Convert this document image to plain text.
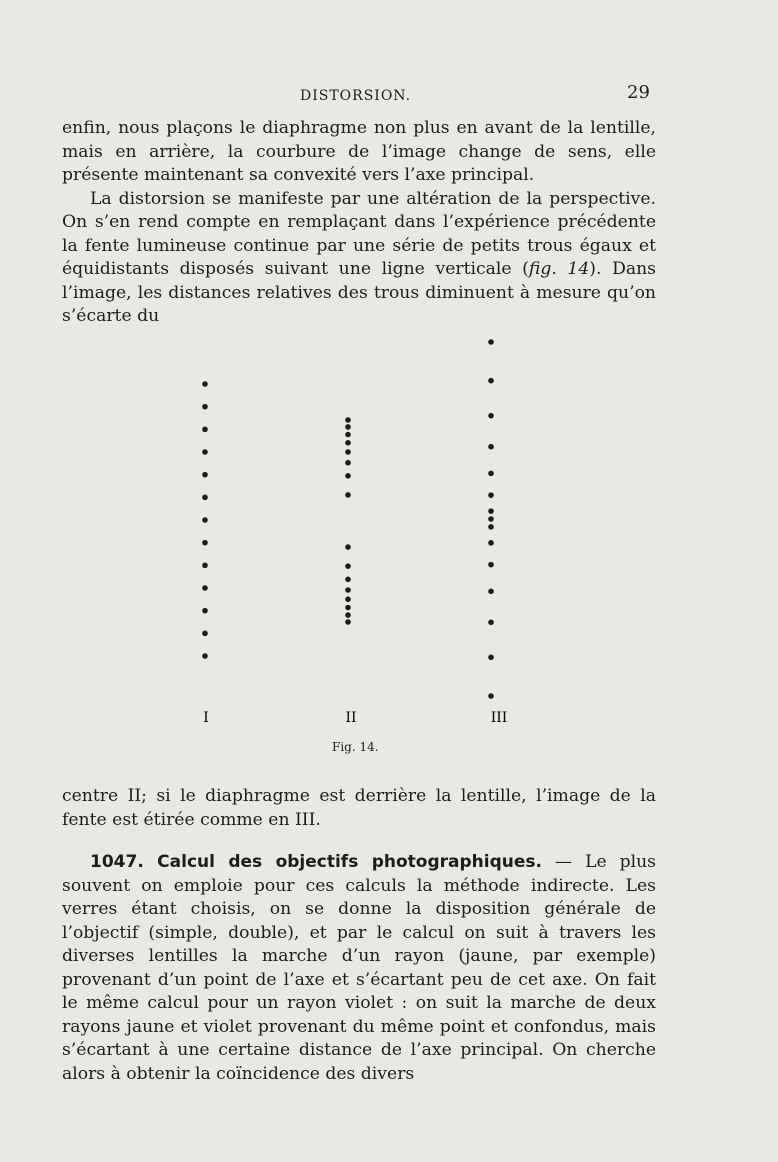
DISTORSION.	29

enfin, nous plaçons le diaphragme non plus en avant de la lentille, mais en arrière, la courbure de l’image change de sens, elle présente maintenant sa convexité vers l’axe principal.

La distorsion se manifeste par une altération de la perspective. On s’en rend compte en remplaçant dans l’expérience précédente la fente lumineuse continue par une série de petits trous égaux et équidistants disposés suivant une ligne verticale (fig. 14). Dans l’image, les distances relatives des trous diminuent à mesure qu’on s’écarte du

I	II	III
Fig. 14.

centre II; si le diaphragme est derrière la lentille, l’image de la fente est étirée comme en III.

1047. Calcul des objectifs photographiques. — Le plus souvent on emploie pour ces calculs la méthode indirecte. Les verres étant choisis, on se donne la disposition générale de l’objectif (simple, double), et par le calcul on suit à travers les diverses lentilles la marche d’un rayon (jaune, par exemple) provenant d’un point de l’axe et s’écartant peu de cet axe. On fait le même calcul pour un rayon violet : on suit la marche de deux rayons jaune et violet provenant du même point et confondus, mais s’écartant à une certaine distance de l’axe principal. On cherche alors à obtenir la coïncidence des divers
